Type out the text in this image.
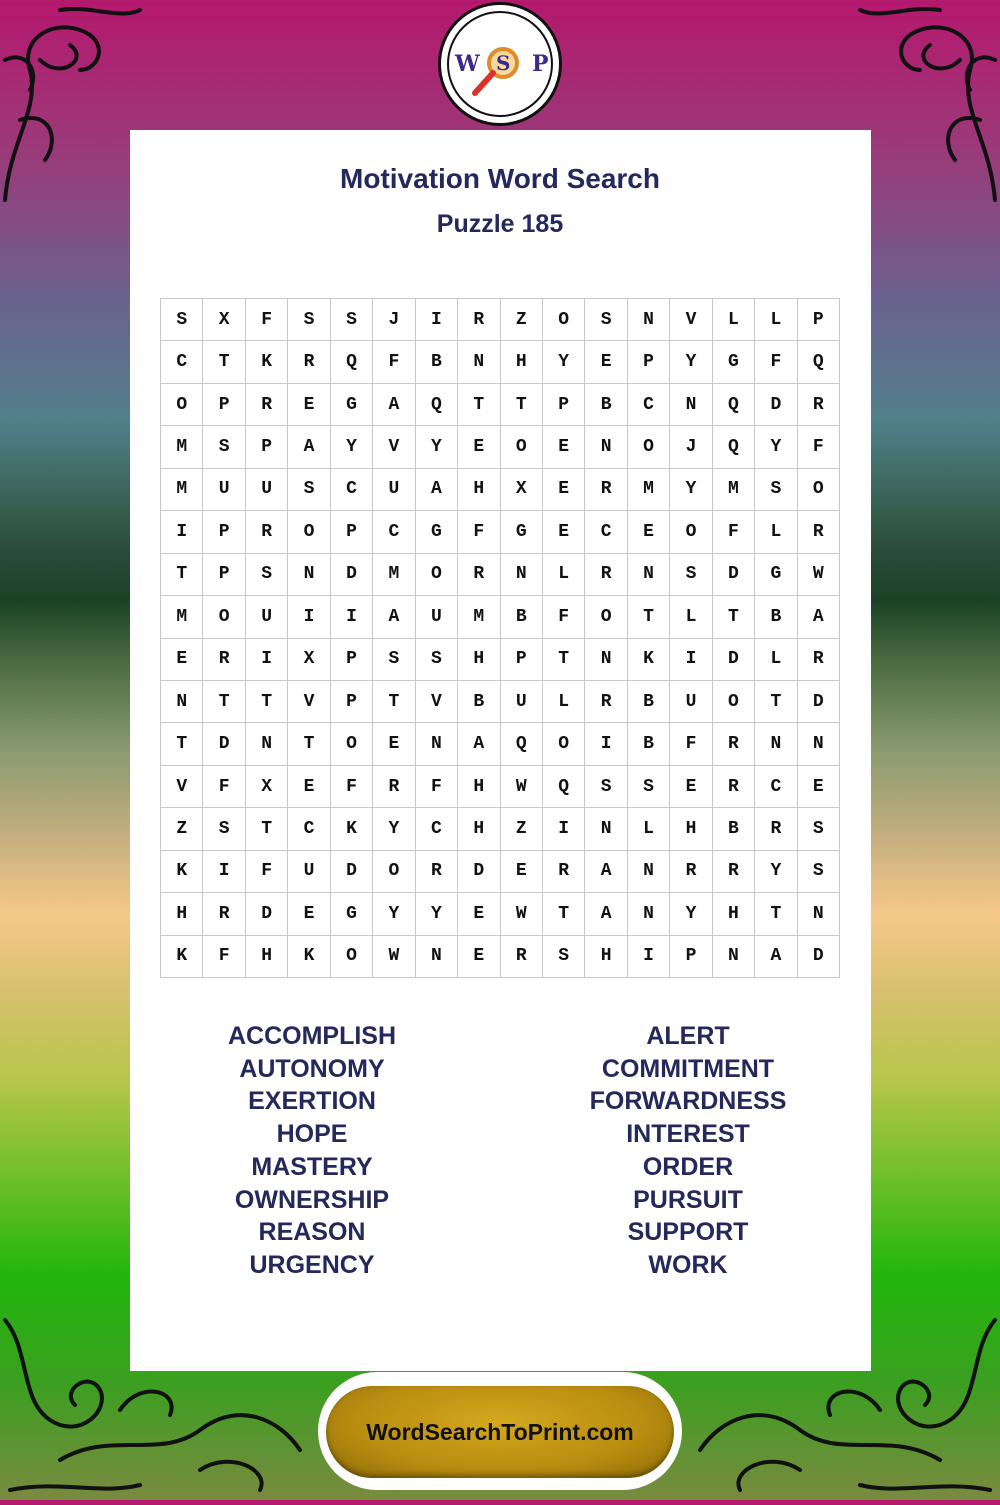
W S P
Motivation Word Search
Puzzle 185
S	X	F	S	S	J	I	R	Z	O	S	N	V	L	L	P
C	T	K	R	Q	F	B	N	H	Y	E	P	Y	G	F	Q
O	P	R	E	G	A	Q	T	T	P	B	C	N	Q	D	R
M	S	P	A	Y	V	Y	E	O	E	N	O	J	Q	Y	F
M	U	U	S	C	U	A	H	X	E	R	M	Y	M	S	O
I	P	R	O	P	C	G	F	G	E	C	E	O	F	L	R
T	P	S	N	D	M	O	R	N	L	R	N	S	D	G	W
M	O	U	I	I	A	U	M	B	F	O	T	L	T	B	A
E	R	I	X	P	S	S	H	P	T	N	K	I	D	L	R
N	T	T	V	P	T	V	B	U	L	R	B	U	O	T	D
T	D	N	T	O	E	N	A	Q	O	I	B	F	R	N	N
V	F	X	E	F	R	F	H	W	Q	S	S	E	R	C	E
Z	S	T	C	K	Y	C	H	Z	I	N	L	H	B	R	S
K	I	F	U	D	O	R	D	E	R	A	N	R	R	Y	S
H	R	D	E	G	Y	Y	E	W	T	A	N	Y	H	T	N
K	F	H	K	O	W	N	E	R	S	H	I	P	N	A	D
ACCOMPLISH
AUTONOMY
EXERTION
HOPE
MASTERY
OWNERSHIP
REASON
URGENCY
ALERT
COMMITMENT
FORWARDNESS
INTEREST
ORDER
PURSUIT
SUPPORT
WORK
WordSearchToPrint.com
